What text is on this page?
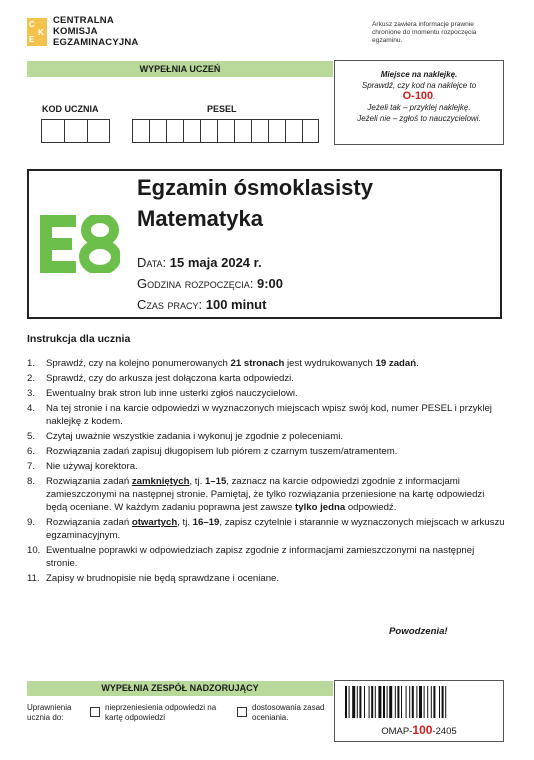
C
K
E
CENTRALNA
KOMISJA
EGZAMINACYJNA
Arkusz zawiera informacje prawnie chronione do momentu rozpoczęcia egzaminu.
WYPEŁNIA UCZEŃ
KOD UCZNIA	PESEL
Miejsce na naklejkę.
Sprawdź, czy kod na naklejce to
O-100.
Jeżeli tak – przyklej naklejkę.
Jeżeli nie – zgłoś to nauczycielowi.
Egzamin ósmoklasisty
Matematyka
Data: 15 maja 2024 r.
Godzina rozpoczęcia: 9:00
Czas pracy: 100 minut
Instrukcja dla ucznia
1.	Sprawdź, czy na kolejno ponumerowanych 21 stronach jest wydrukowanych 19 zadań.
2.	Sprawdź, czy do arkusza jest dołączona karta odpowiedzi.
3.	Ewentualny brak stron lub inne usterki zgłoś nauczycielowi.
4.	Na tej stronie i na karcie odpowiedzi w wyznaczonych miejscach wpisz swój kod, numer PESEL i przyklej naklejkę z kodem.
5.	Czytaj uważnie wszystkie zadania i wykonuj je zgodnie z poleceniami.
6.	Rozwiązania zadań zapisuj długopisem lub piórem z czarnym tuszem/atramentem.
7.	Nie używaj korektora.
8.	Rozwiązania zadań zamkniętych, tj. 1–15, zaznacz na karcie odpowiedzi zgodnie z informacjami zamieszczonymi na następnej stronie. Pamiętaj, że tylko rozwiązania przeniesione na kartę odpowiedzi będą oceniane. W każdym zadaniu poprawna jest zawsze tylko jedna odpowiedź.
9.	Rozwiązania zadań otwartych, tj. 16–19, zapisz czytelnie i starannie w wyznaczonych miejscach w arkuszu egzaminacyjnym.
10. Ewentualne poprawki w odpowiedziach zapisz zgodnie z informacjami zamieszczonymi na następnej stronie.
11. Zapisy w brudnopisie nie będą sprawdzane i oceniane.
Powodzenia!
WYPEŁNIA ZESPÓŁ NADZORUJĄCY
Uprawnienia ucznia do:
nieprzeniesienia odpowiedzi na kartę odpowiedzi
dostosowania zasad oceniania.
OMAP-100-2405
